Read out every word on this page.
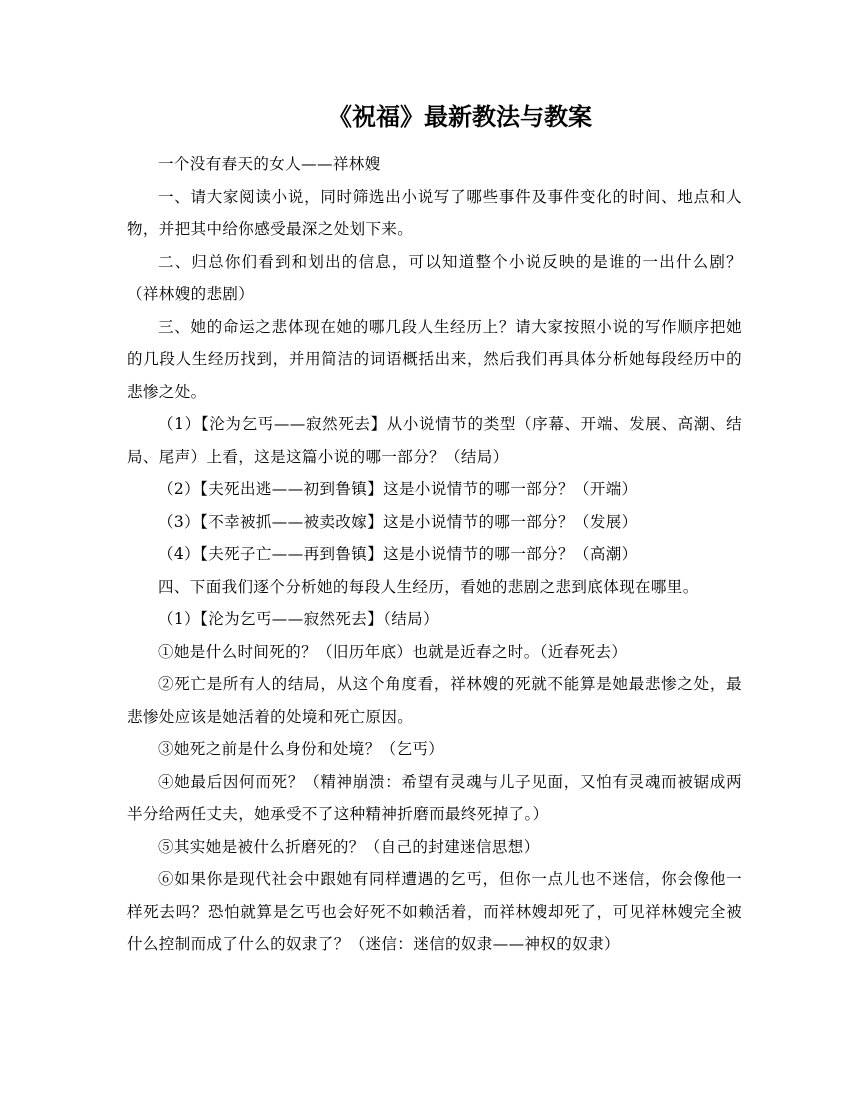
《祝福》最新教法与教案

一个没有春天的女人——祥林嫂

一、请大家阅读小说，同时筛选出小说写了哪些事件及事件变化的时间、地点和人物，并把其中给你感受最深之处划下来。

二、归总你们看到和划出的信息，可以知道整个小说反映的是谁的一出什么剧？（祥林嫂的悲剧）

三、她的命运之悲体现在她的哪几段人生经历上？请大家按照小说的写作顺序把她的几段人生经历找到，并用简洁的词语概括出来，然后我们再具体分析她每段经历中的悲惨之处。

（1）【沦为乞丐——寂然死去】从小说情节的类型（序幕、开端、发展、高潮、结局、尾声）上看，这是这篇小说的哪一部分？（结局）

（2）【夫死出逃——初到鲁镇】这是小说情节的哪一部分？（开端）

（3）【不幸被抓——被卖改嫁】这是小说情节的哪一部分？（发展）

（4）【夫死子亡——再到鲁镇】这是小说情节的哪一部分？（高潮）

四、下面我们逐个分析她的每段人生经历，看她的悲剧之悲到底体现在哪里。

（1）【沦为乞丐——寂然死去】（结局）

①她是什么时间死的？（旧历年底）也就是近春之时。（近春死去）

②死亡是所有人的结局，从这个角度看，祥林嫂的死就不能算是她最悲惨之处，最悲惨处应该是她活着的处境和死亡原因。

③她死之前是什么身份和处境？（乞丐）

④她最后因何而死？（精神崩溃：希望有灵魂与儿子见面，又怕有灵魂而被锯成两半分给两任丈夫，她承受不了这种精神折磨而最终死掉了。）

⑤其实她是被什么折磨死的？（自己的封建迷信思想）

⑥如果你是现代社会中跟她有同样遭遇的乞丐，但你一点儿也不迷信，你会像他一样死去吗？恐怕就算是乞丐也会好死不如赖活着，而祥林嫂却死了，可见祥林嫂完全被什么控制而成了什么的奴隶了？（迷信：迷信的奴隶——神权的奴隶）
